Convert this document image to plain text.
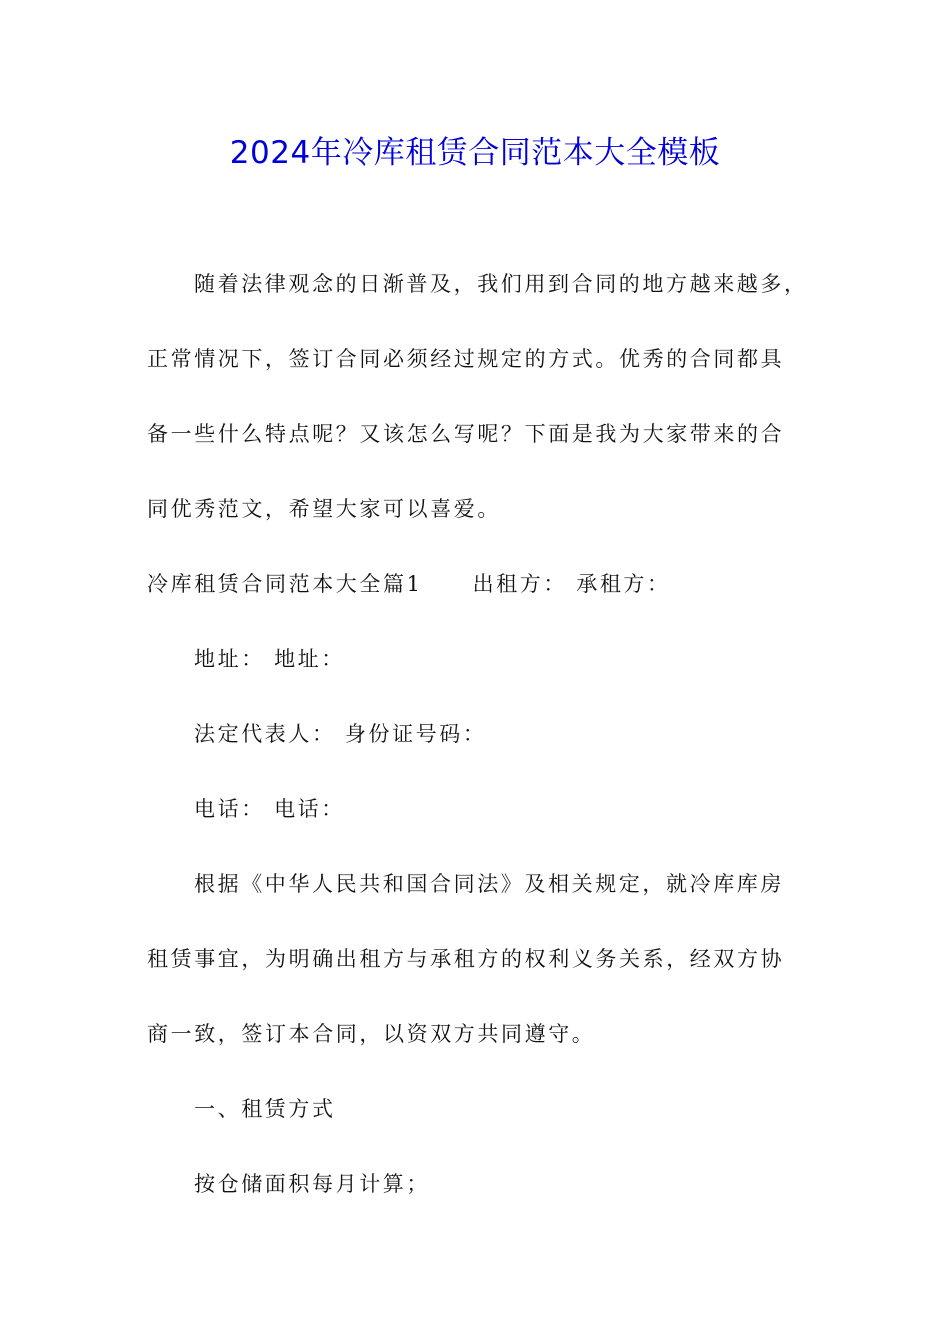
2024年冷库租赁合同范本大全模板

随着法律观念的日渐普及，我们用到合同的地方越来越多，

正常情况下，签订合同必须经过规定的方式。优秀的合同都具

备一些什么特点呢？又该怎么写呢？下面是我为大家带来的合

同优秀范文，希望大家可以喜爱。

冷库租赁合同范本大全篇1 出租方： 承租方：

地址： 地址：

法定代表人： 身份证号码：

电话： 电话：

根据《中华人民共和国合同法》及相关规定，就冷库库房

租赁事宜，为明确出租方与承租方的权利义务关系，经双方协

商一致，签订本合同，以资双方共同遵守。

一、租赁方式

按仓储面积每月计算；
